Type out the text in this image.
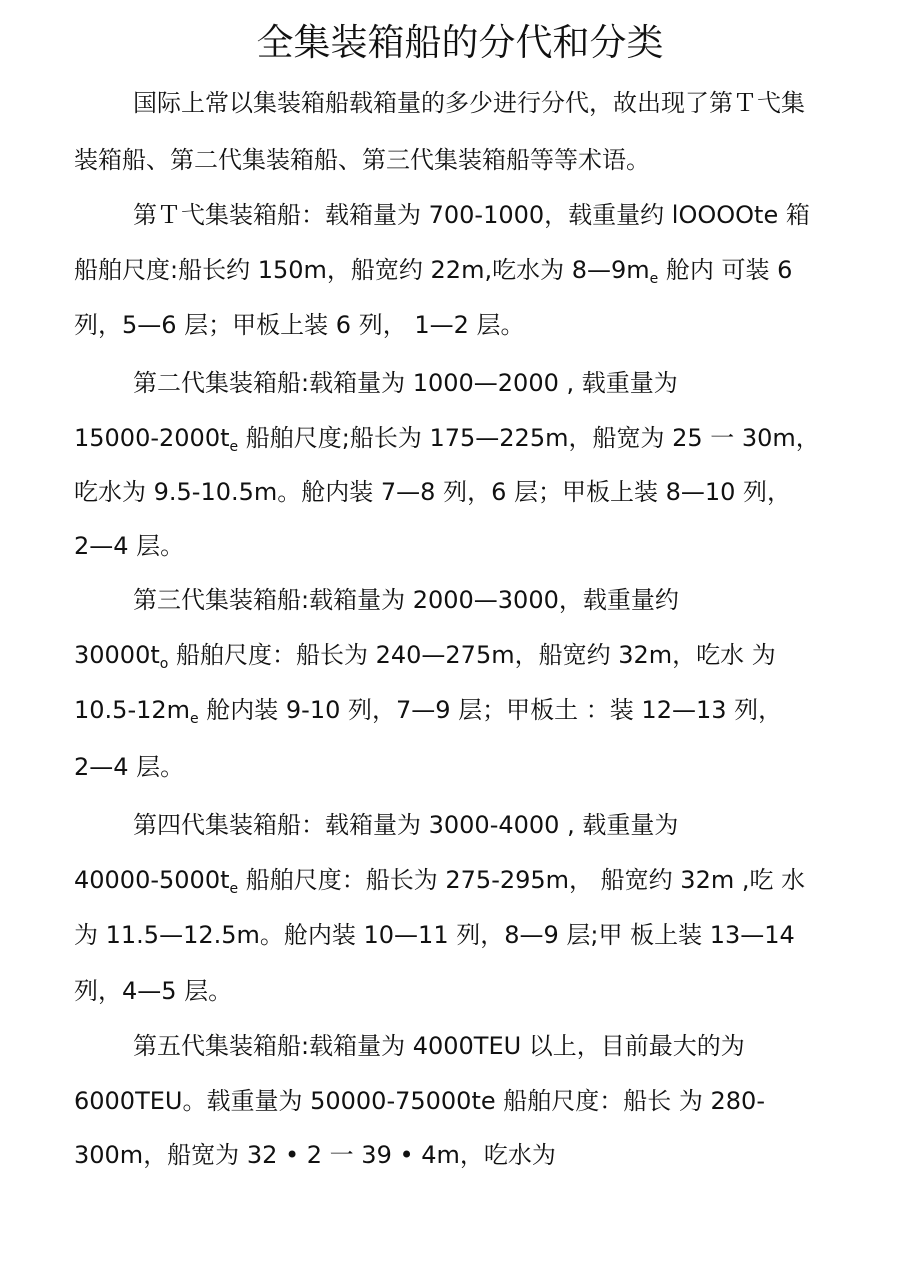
全集装箱船的分代和分类
国际上常以集装箱船载箱量的多少进行分代，故出现了第Ｔ弋集
装箱船、第二代集装箱船、第三代集装箱船等等术语。
第Ｔ弋集装箱船：载箱量为 700-1000，载重量约 lOOOOte 箱
船舶尺度:船长约 150m，船宽约 22m,吃水为 $8—9m_e$ 舱内 可装 6
列，5—6 层；甲板上装 6 列， 1—2 层。
第二代集装箱船:载箱量为 1000—2000 , 载重量为
$15000-2000t_e$ 船舶尺度;船长为 175—225m，船宽为 25 一 30m，
吃水为 9.5-10.5m。舱内装 7—8 列，6 层；甲板上装 8—10 列，
2—4 层。
第三代集装箱船:载箱量为 2000—3000，载重量约
$30000t_o$ 船舶尺度：船长为 240—275m，船宽约 32m，吃水 为
$10.5-12m_e$ 舱内装 9-10 列，7—9 层；甲板土 ：装 12—13 列，
2—4 层。
第四代集装箱船：载箱量为 3000-4000 , 载重量为
$40000-5000t_e$ 船舶尺度：船长为 275-295m， 船宽约 32m ,吃 水
为 11.5—12.5m。舱内装 10—11 列，8—9 层;甲 板上装 13—14
列，4—5 层。
第五代集装箱船:载箱量为 4000TEU 以上，目前最大的为
6000TEU。载重量为 50000-75000te 船舶尺度：船长 为 280-
300m，船宽为 32 • 2 一 39 • 4m，吃水为
